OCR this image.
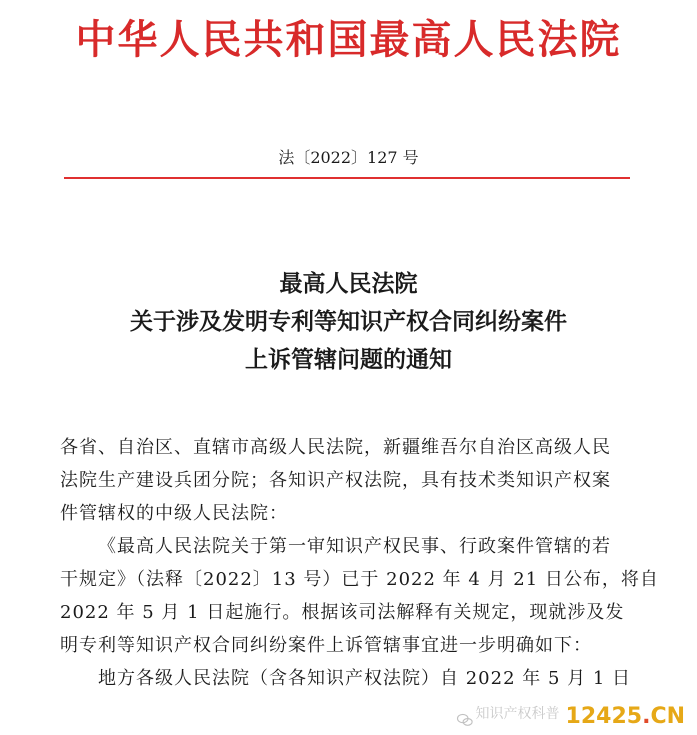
中华人民共和国最高人民法院
法〔2022〕127 号
最高人民法院
关于涉及发明专利等知识产权合同纠纷案件
上诉管辖问题的通知

各省、自治区、直辖市高级人民法院，新疆维吾尔自治区高级人民
法院生产建设兵团分院；各知识产权法院，具有技术类知识产权案
件管辖权的中级人民法院：

《最高人民法院关于第一审知识产权民事、行政案件管辖的若
干规定》（法释〔2022〕13 号）已于 2022 年 4 月 21 日公布，将自
2022 年 5 月 1 日起施行。根据该司法解释有关规定，现就涉及发
明专利等知识产权合同纠纷案件上诉管辖事宜进一步明确如下：

地方各级人民法院（含各知识产权法院）自 2022 年 5 月 1 日

知识产权科普 12425.CN
